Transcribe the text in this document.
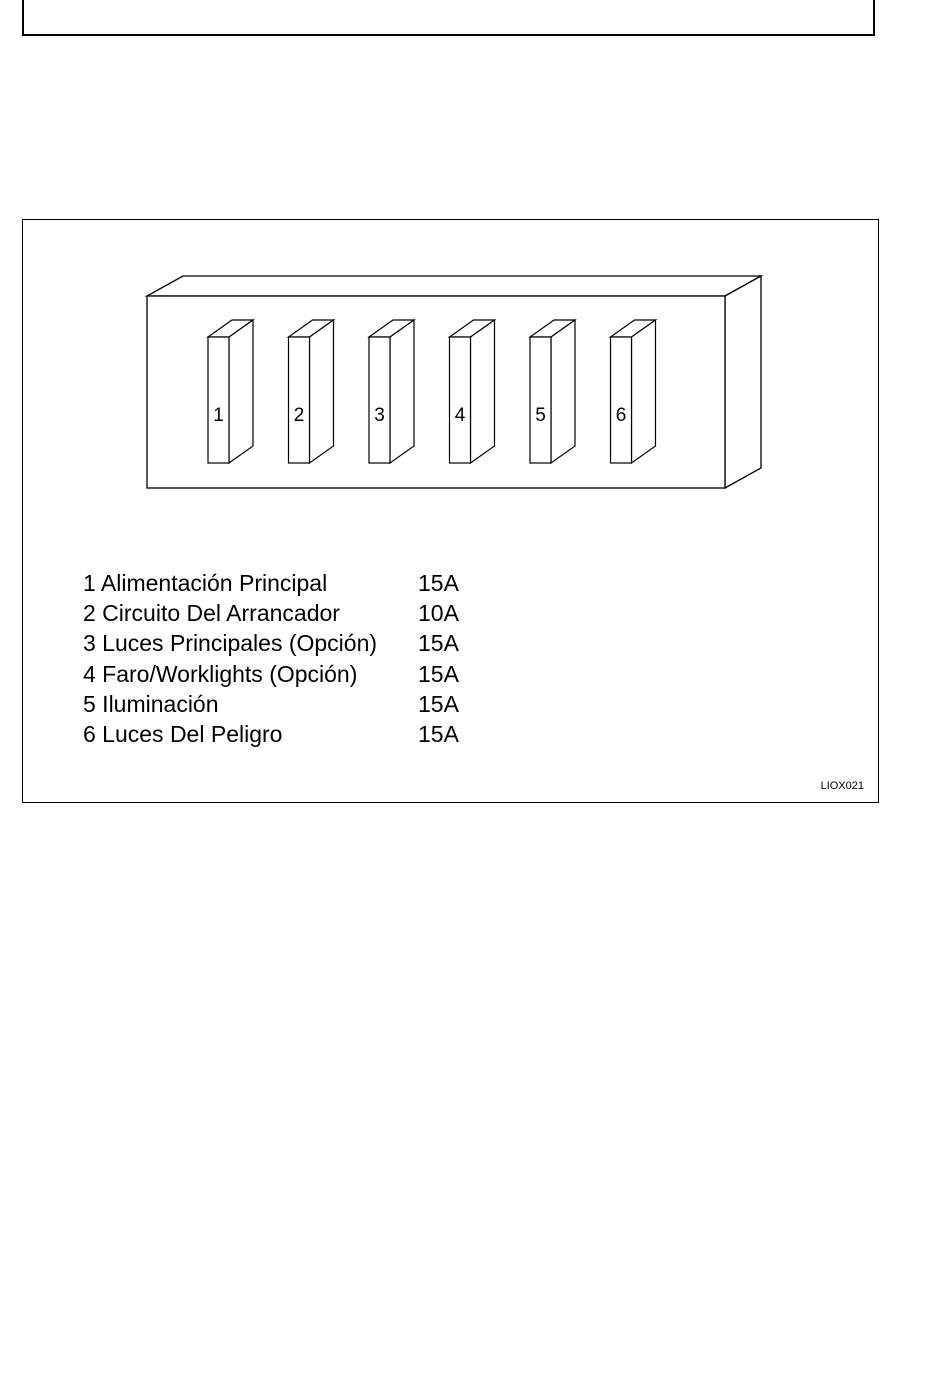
1	2	3	4	5	6
1 Alimentación Principal	15A
2 Circuito Del Arrancador	10A
3 Luces Principales (Opción) 15A
4 Faro/Worklights (Opción)	15A
5 Iluminación	15A
6 Luces Del Peligro	15A
LIOX021
